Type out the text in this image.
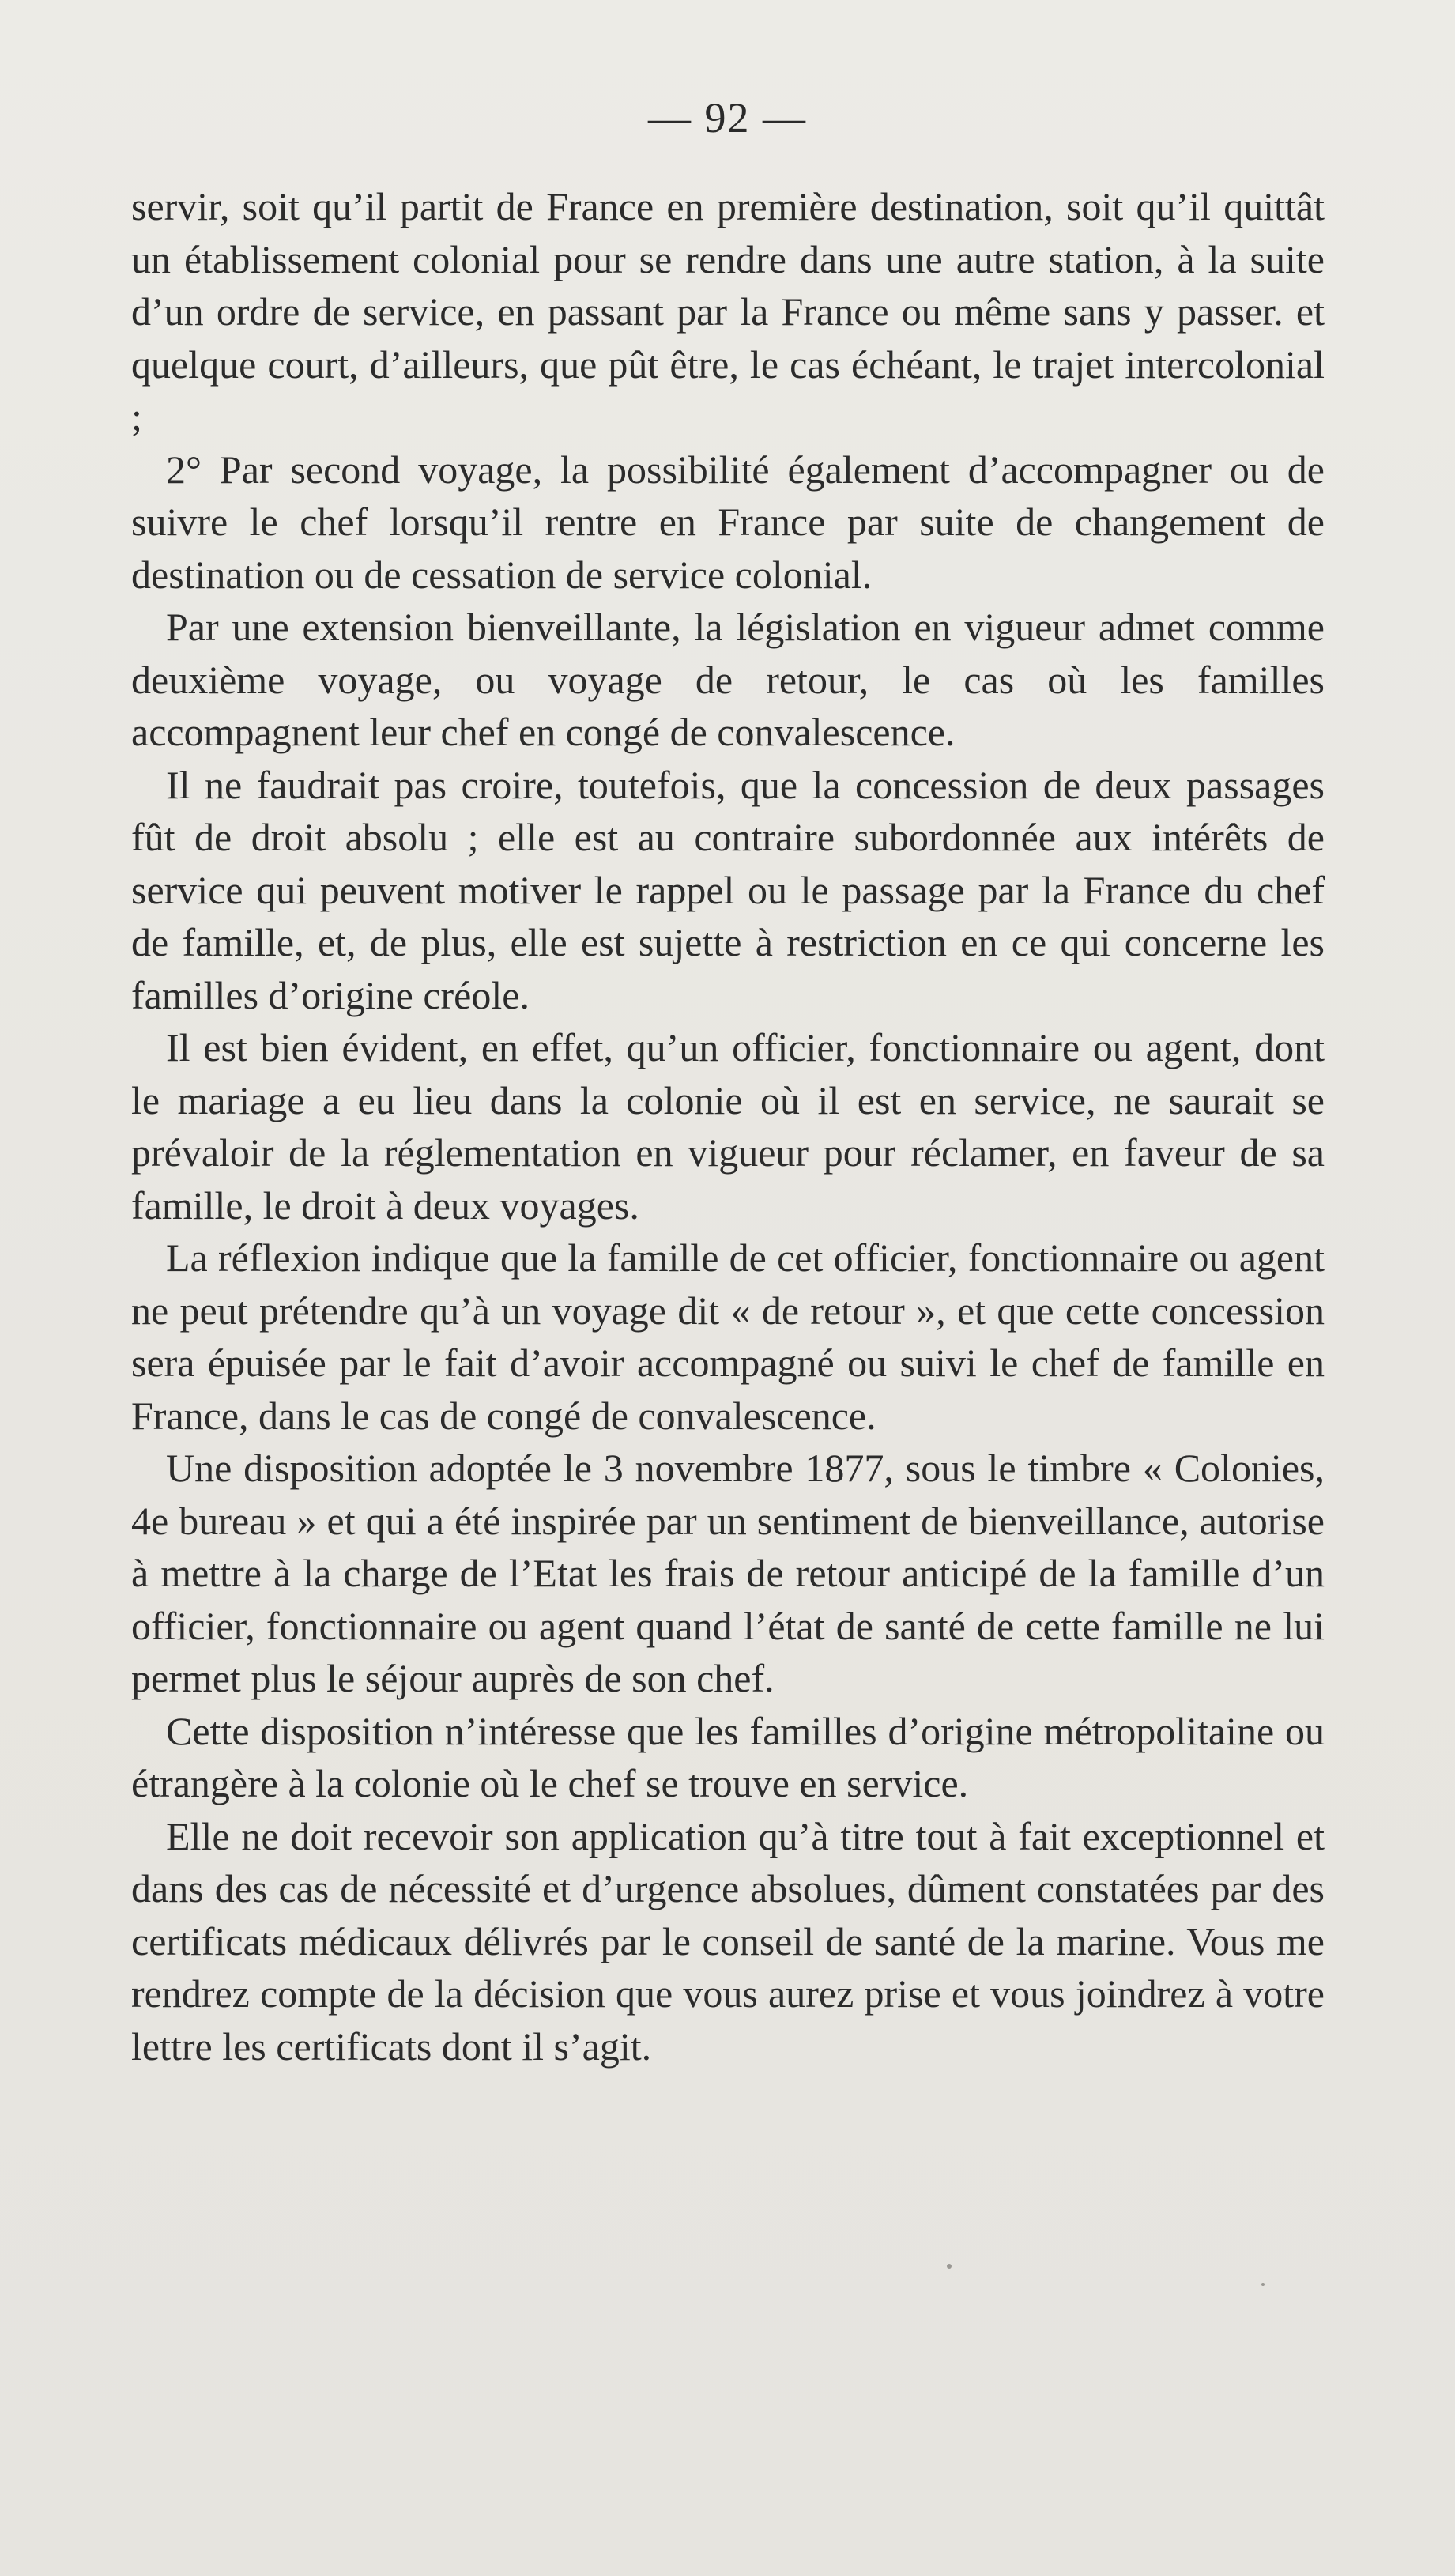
— 92 —

servir, soit qu’il partit de France en première destination, soit qu’il quittât un établissement colonial pour se rendre dans une autre station, à la suite d’un ordre de service, en passant par la France ou même sans y passer. et quelque court, d’ailleurs, que pût être, le cas échéant, le trajet intercolonial ;

2° Par second voyage, la possibilité également d’accompagner ou de suivre le chef lorsqu’il rentre en France par suite de changement de destination ou de cessation de service colonial.

Par une extension bienveillante, la législation en vigueur admet comme deuxième voyage, ou voyage de retour, le cas où les familles accompagnent leur chef en congé de convalescence.

Il ne faudrait pas croire, toutefois, que la concession de deux passages fût de droit absolu ; elle est au contraire subordonnée aux intérêts de service qui peuvent motiver le rappel ou le passage par la France du chef de famille, et, de plus, elle est sujette à restriction en ce qui concerne les familles d’origine créole.

Il est bien évident, en effet, qu’un officier, fonctionnaire ou agent, dont le mariage a eu lieu dans la colonie où il est en service, ne saurait se prévaloir de la réglementation en vigueur pour réclamer, en faveur de sa famille, le droit à deux voyages.

La réflexion indique que la famille de cet officier, fonctionnaire ou agent ne peut prétendre qu’à un voyage dit « de retour », et que cette concession sera épuisée par le fait d’avoir accompagné ou suivi le chef de famille en France, dans le cas de congé de convalescence.

Une disposition adoptée le 3 novembre 1877, sous le timbre « Colonies, 4e bureau » et qui a été inspirée par un sentiment de bienveillance, autorise à mettre à la charge de l’Etat les frais de retour anticipé de la famille d’un officier, fonctionnaire ou agent quand l’état de santé de cette famille ne lui permet plus le séjour auprès de son chef.

Cette disposition n’intéresse que les familles d’origine métropolitaine ou étrangère à la colonie où le chef se trouve en service.

Elle ne doit recevoir son application qu’à titre tout à fait exceptionnel et dans des cas de nécessité et d’urgence absolues, dûment constatées par des certificats médicaux délivrés par le conseil de santé de la marine. Vous me rendrez compte de la décision que vous aurez prise et vous joindrez à votre lettre les certificats dont il s’agit.
